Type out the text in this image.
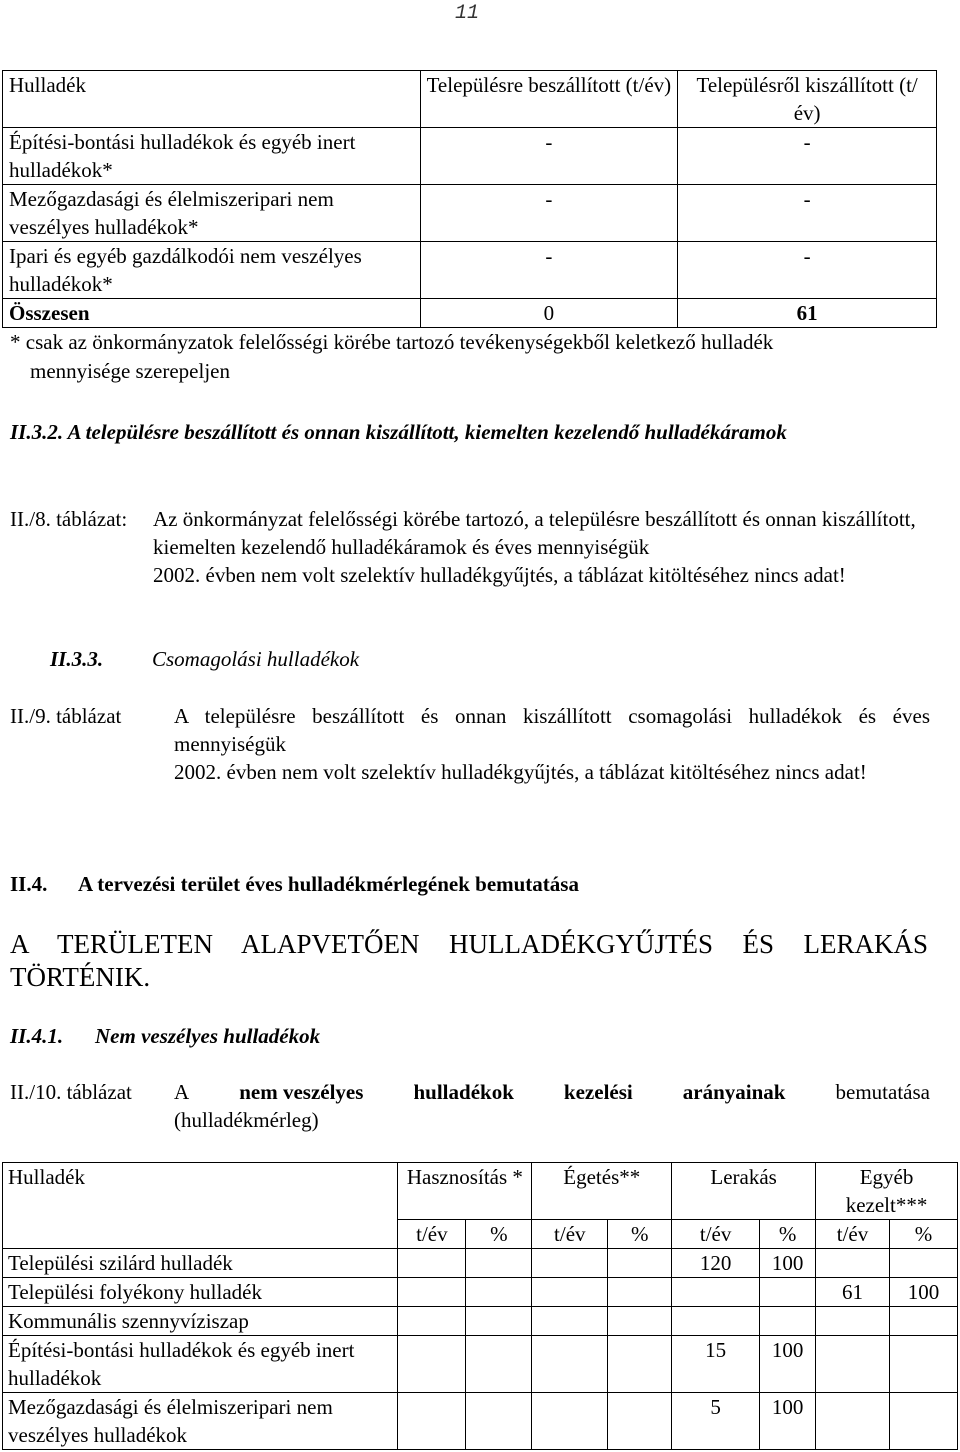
11
Hulladék	Településre beszállított (t/év)	Településről kiszállított (t/év)
Építési-bontási hulladékok és egyéb inert hulladékok*	-	-
Mezőgazdasági és élelmiszeripari nem veszélyes hulladékok*	-	-
Ipari és egyéb gazdálkodói nem veszélyes hulladékok*	-	-
Összesen	0	61
* csak az önkormányzatok felelősségi körébe tartozó tevékenységekből keletkező hulladék
mennyisége szerepeljen
II.3.2. A településre beszállított és onnan kiszállított, kiemelten kezelendő hulladékáramok
II./8. táblázat: Az önkormányzat felelősségi körébe tartozó, a településre beszállított és onnan kiszállított, kiemelten kezelendő hulladékáramok és éves mennyiségük
2002. évben nem volt szelektív hulladékgyűjtés, a táblázat kitöltéséhez nincs adat!
II.3.3. Csomagolási hulladékok
II./9. táblázat	A településre beszállított és onnan kiszállított csomagolási hulladékok és éves mennyiségük
2002. évben nem volt szelektív hulladékgyűjtés, a táblázat kitöltéséhez nincs adat!
II.4. A tervezési terület éves hulladékmérlegének bemutatása
A TERÜLETEN ALAPVETŐEN HULLADÉKGYŰJTÉS ÉS LERAKÁS TÖRTÉNIK.
II.4.1. Nem veszélyes hulladékok
II./10. táblázat A nem veszélyes hulladékok kezelési arányainak bemutatása
(hulladékmérleg)
Hulladék	Hasznosítás *		Égetés**		Lerakás		Egyéb kezelt***	
	t/év	%	t/év	%	t/év	%	t/év	%
Települési szilárd hulladék					120	100		
Települési folyékony hulladék							61	100
Kommunális szennyvíziszap								
Építési-bontási hulladékok és egyéb inert hulladékok					15	100		
Mezőgazdasági és élelmiszeripari nem veszélyes hulladékok					5	100		
